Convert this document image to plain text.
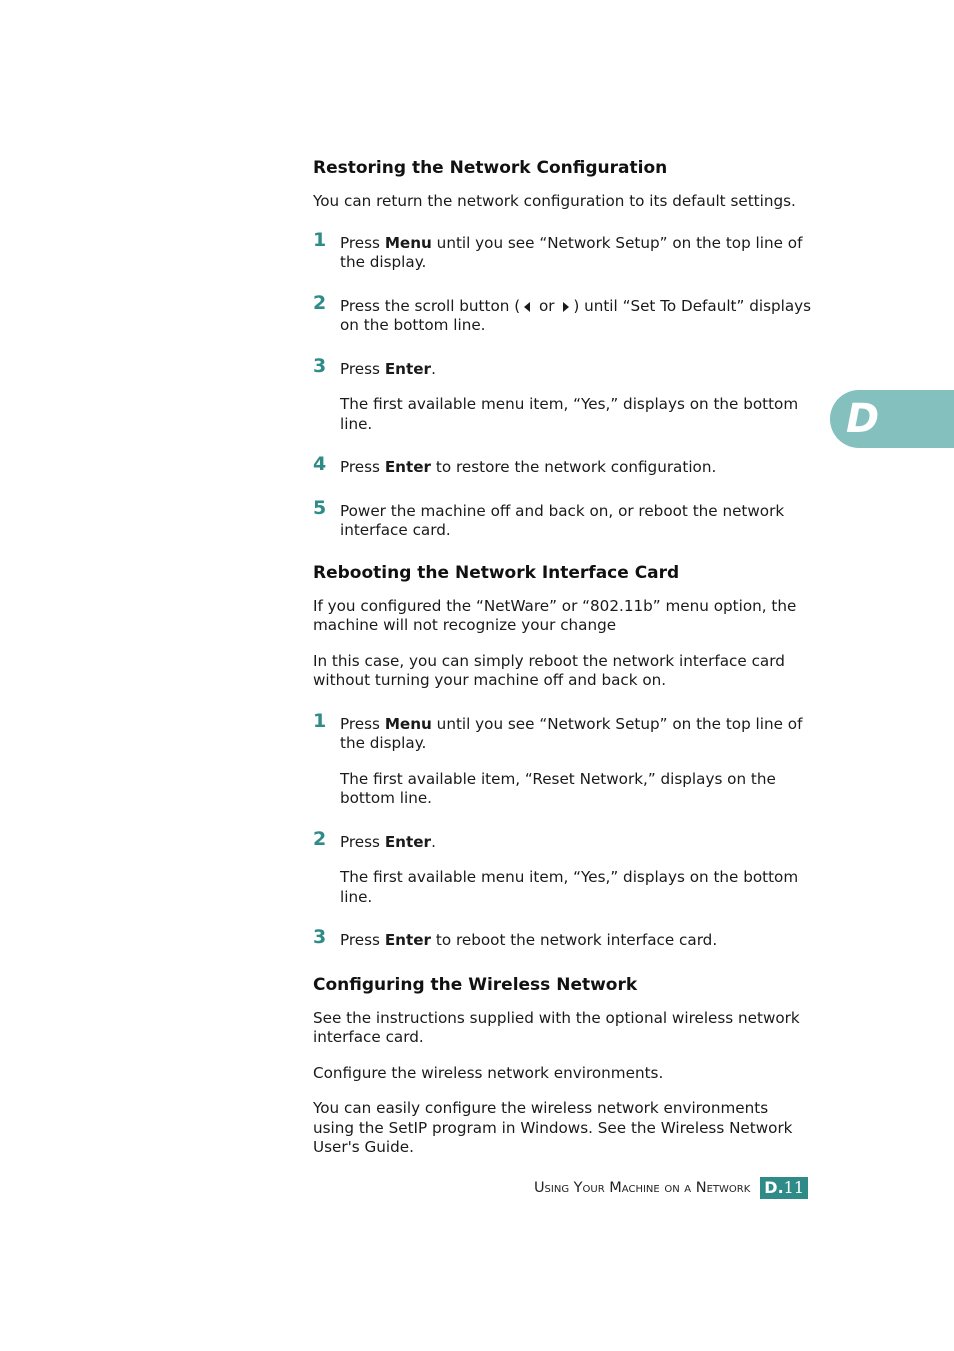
Restoring the Network Configuration

You can return the network configuration to its default settings.

1 Press Menu until you see “Network Setup” on the top line of the display.
2 Press the scroll button ( or ) until “Set To Default” displays on the bottom line.
3 Press Enter.

The first available menu item, “Yes,” displays on the bottom line.

4 Press Enter to restore the network configuration.
5 Power the machine off and back on, or reboot the network interface card.
Rebooting the Network Interface Card

If you configured the “NetWare” or “802.11b” menu option, the machine will not recognize your change

In this case, you can simply reboot the network interface card without turning your machine off and back on.

1 Press Menu until you see “Network Setup” on the top line of the display.

The first available item, “Reset Network,” displays on the bottom line.

2 Press Enter.

The first available menu item, “Yes,” displays on the bottom line.

3 Press Enter to reboot the network interface card.
Configuring the Wireless Network

See the instructions supplied with the optional wireless network interface card.

Configure the wireless network environments.

You can easily configure the wireless network environments using the SetIP program in Windows. See the Wireless Network User's Guide.

D
Using Your Machine on a Network D.11
